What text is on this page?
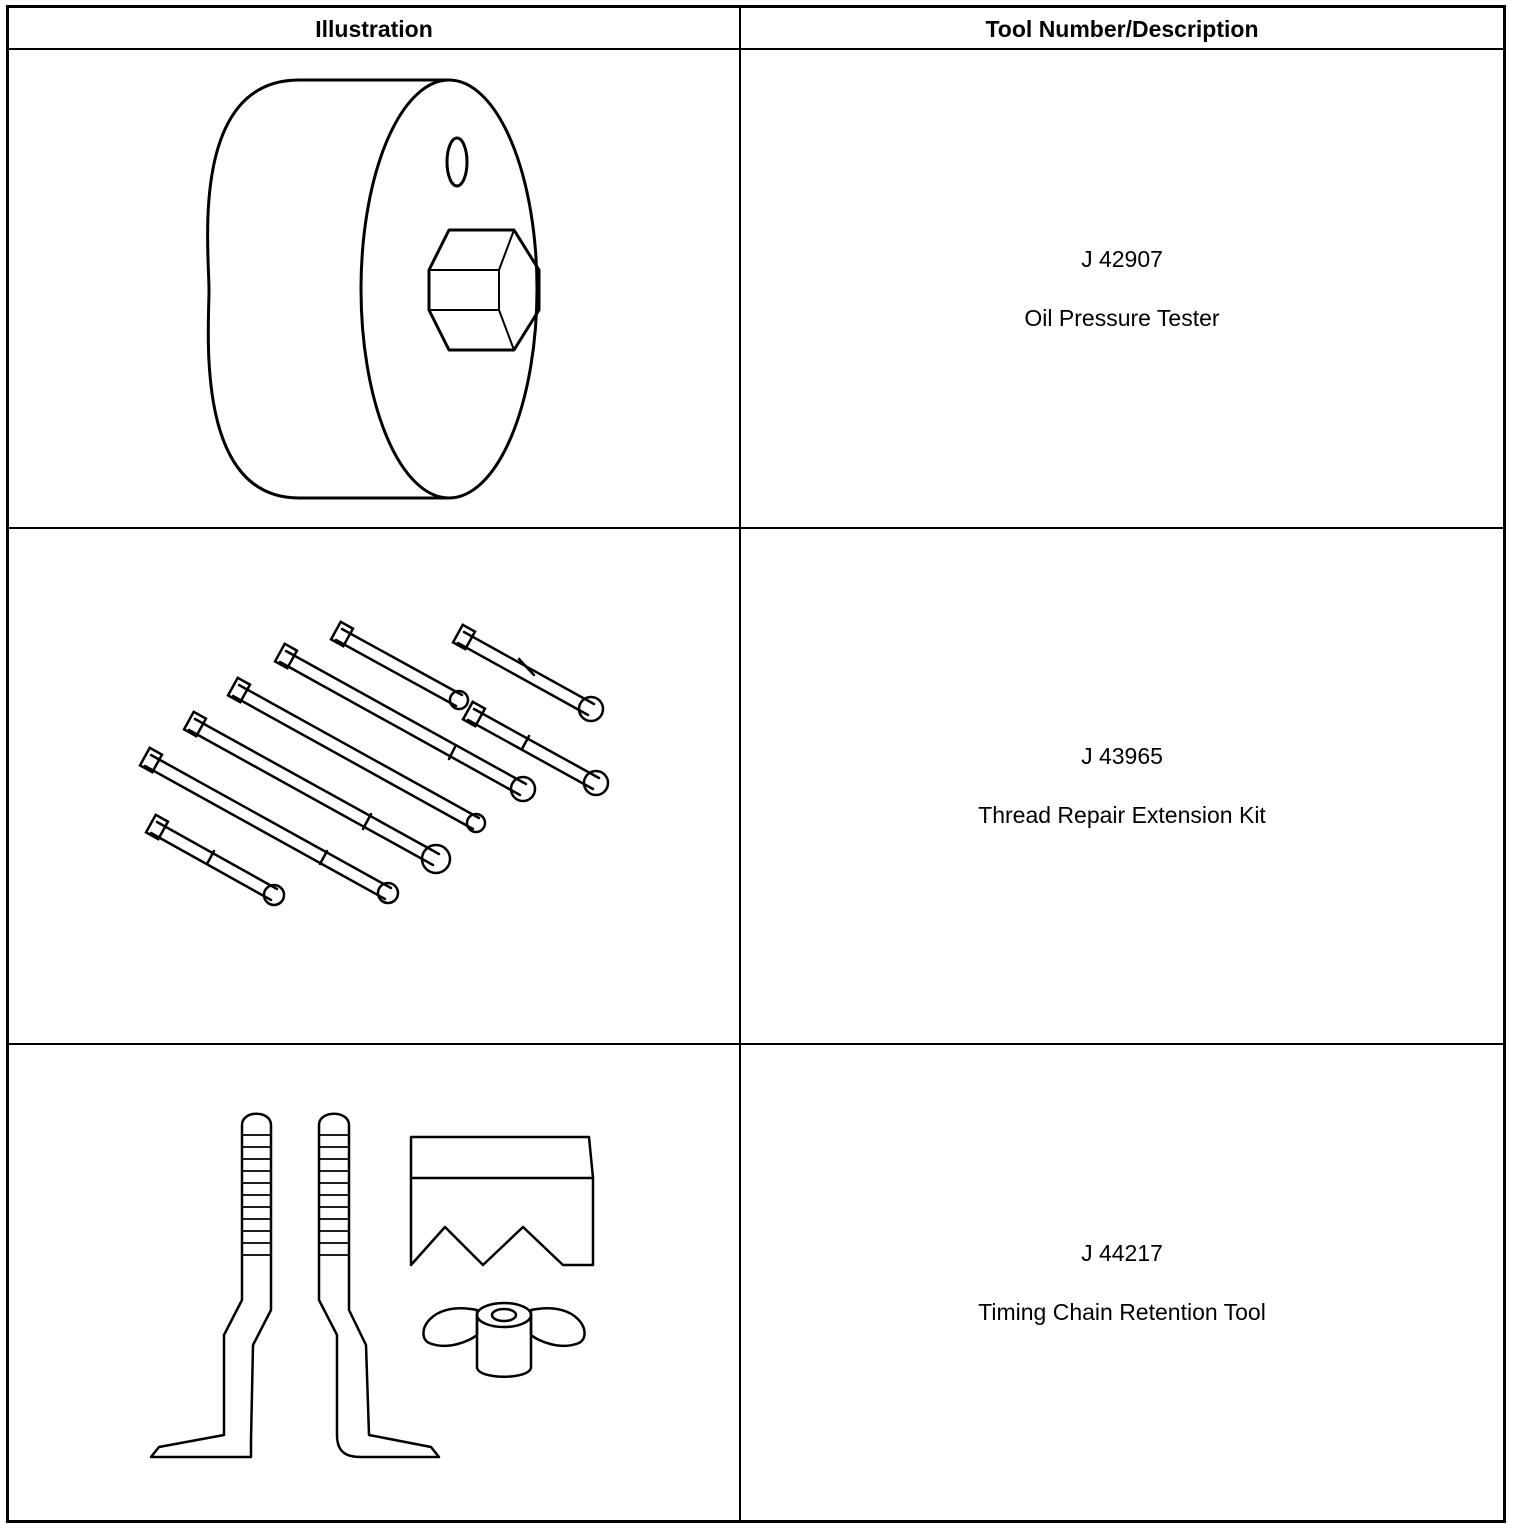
Illustration	Tool Number/Description
J 42907
Oil Pressure Tester
J 43965
Thread Repair Extension Kit
J 44217
Timing Chain Retention Tool
